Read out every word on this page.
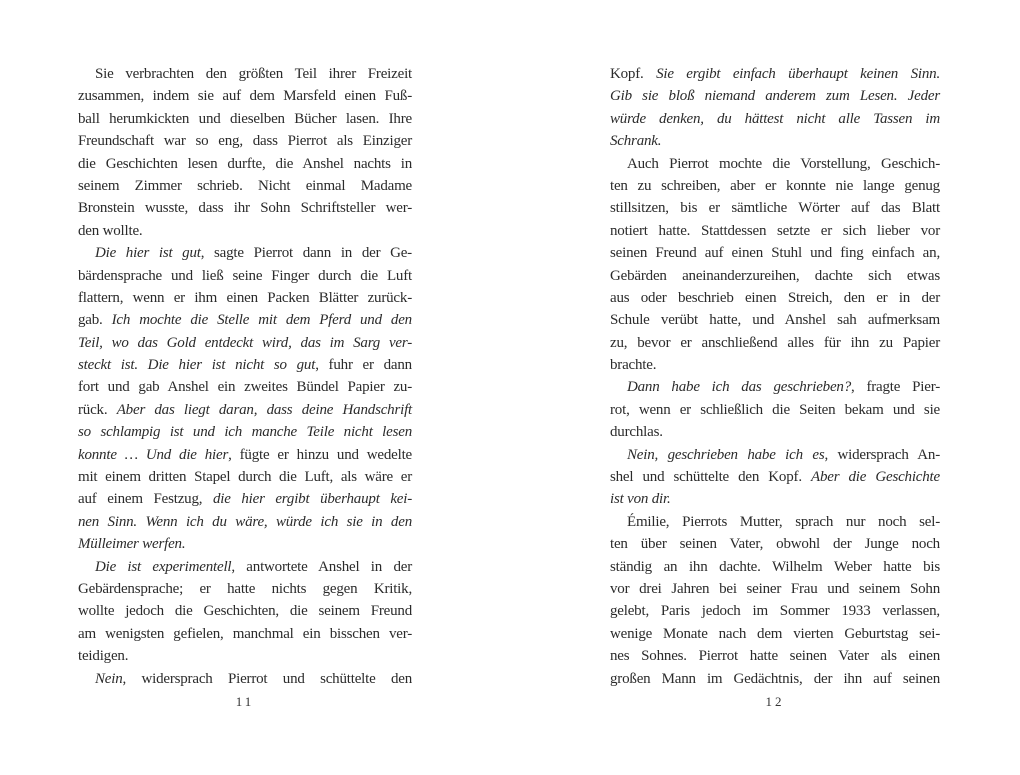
Sie verbrachten den größten Teil ihrer Freizeit
zusammen, indem sie auf dem Marsfeld einen Fuß-
ball herumkickten und dieselben Bücher lasen. Ihre
Freundschaft war so eng, dass Pierrot als Einziger
die Geschichten lesen durfte, die Anshel nachts in
seinem Zimmer schrieb. Nicht einmal Madame
Bronstein wusste, dass ihr Sohn Schriftsteller wer-
den wollte.
Die hier ist gut, sagte Pierrot dann in der Ge-
bärdensprache und ließ seine Finger durch die Luft
flattern, wenn er ihm einen Packen Blätter zurück-
gab. Ich mochte die Stelle mit dem Pferd und den
Teil, wo das Gold entdeckt wird, das im Sarg ver-
steckt ist. Die hier ist nicht so gut, fuhr er dann
fort und gab Anshel ein zweites Bündel Papier zu-
rück. Aber das liegt daran, dass deine Handschrift
so schlampig ist und ich manche Teile nicht lesen
konnte … Und die hier, fügte er hinzu und wedelte
mit einem dritten Stapel durch die Luft, als wäre er
auf einem Festzug, die hier ergibt überhaupt kei-
nen Sinn. Wenn ich du wäre, würde ich sie in den
Mülleimer werfen.
Die ist experimentell, antwortete Anshel in der
Gebärdensprache; er hatte nichts gegen Kritik,
wollte jedoch die Geschichten, die seinem Freund
am wenigsten gefielen, manchmal ein bisschen ver-
teidigen.
Nein, widersprach Pierrot und schüttelte den
Kopf. Sie ergibt einfach überhaupt keinen Sinn.
Gib sie bloß niemand anderem zum Lesen. Jeder
würde denken, du hättest nicht alle Tassen im
Schrank.
Auch Pierrot mochte die Vorstellung, Geschich-
ten zu schreiben, aber er konnte nie lange genug
stillsitzen, bis er sämtliche Wörter auf das Blatt
notiert hatte. Stattdessen setzte er sich lieber vor
seinen Freund auf einen Stuhl und fing einfach an,
Gebärden aneinanderzureihen, dachte sich etwas
aus oder beschrieb einen Streich, den er in der
Schule verübt hatte, und Anshel sah aufmerksam
zu, bevor er anschließend alles für ihn zu Papier
brachte.
Dann habe ich das geschrieben?, fragte Pier-
rot, wenn er schließlich die Seiten bekam und sie
durchlas.
Nein, geschrieben habe ich es, widersprach An-
shel und schüttelte den Kopf. Aber die Geschichte
ist von dir.
Émilie, Pierrots Mutter, sprach nur noch sel-
ten über seinen Vater, obwohl der Junge noch
ständig an ihn dachte. Wilhelm Weber hatte bis
vor drei Jahren bei seiner Frau und seinem Sohn
gelebt, Paris jedoch im Sommer 1933 verlassen,
wenige Monate nach dem vierten Geburtstag sei-
nes Sohnes. Pierrot hatte seinen Vater als einen
großen Mann im Gedächtnis, der ihn auf seinen
11	12
